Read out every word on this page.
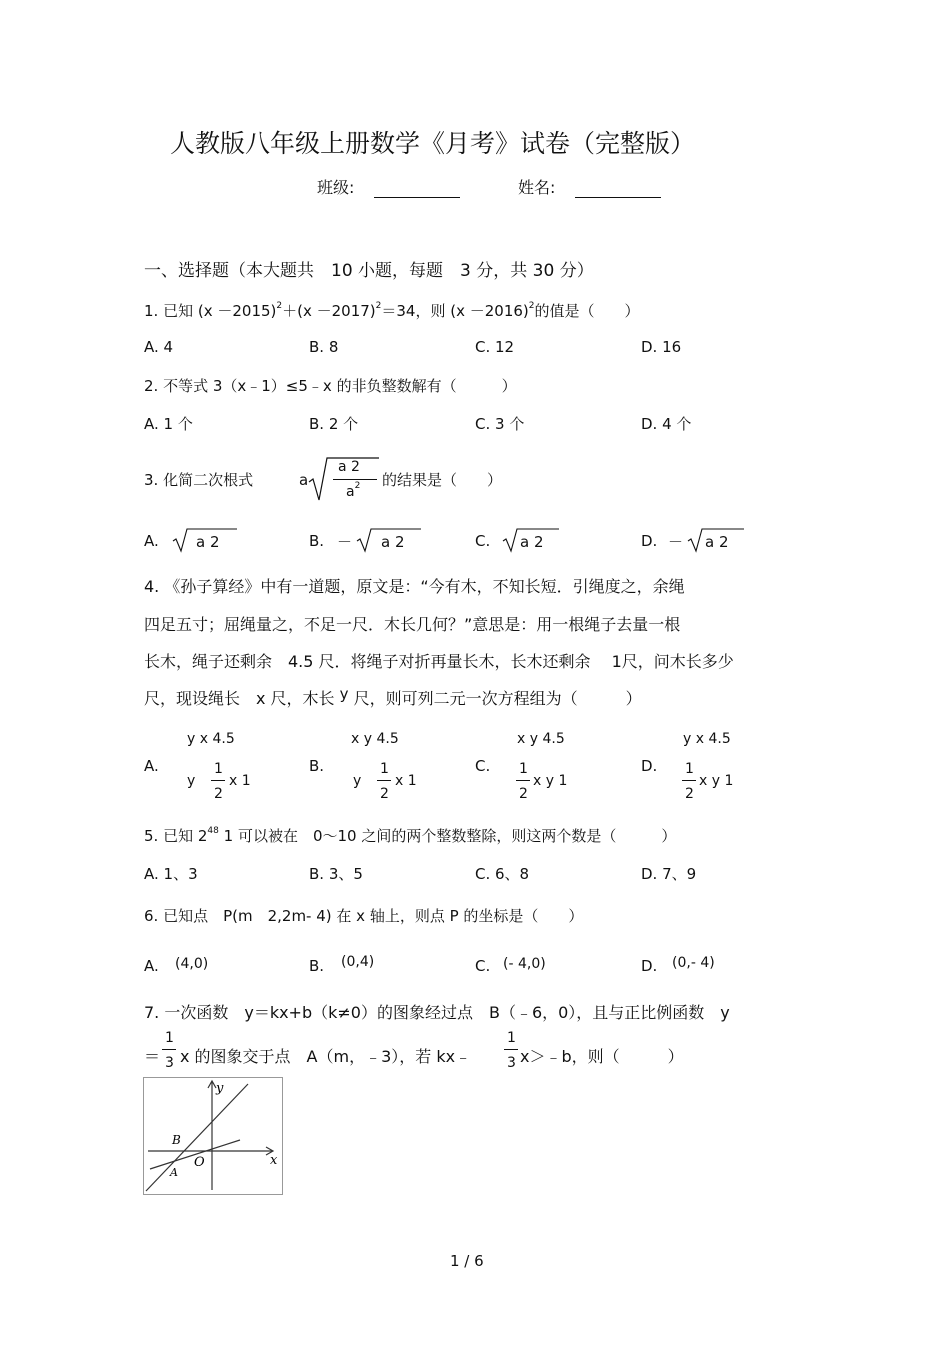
人教版八年级上册数学《月考》试卷（完整版）
班级:	姓名:
一、选择题（本大题共　10 小题，每题　3 分，共 30 分）
1. 已知 $(x -2015)^2+(x -2017)^2=34$，则 $(x -2016)^2$的值是（　　）
A. 4	B. 8	C. 12	D. 16
2. 不等式 3（x﹣1）≤5﹣x 的非负整数解有（　　　）
A. 1 个	B. 2 个	C. 3 个	D. 4 个
3. 化简二次根式	a
a 2
$a^2$ 的结果是（　　）
A. a 2	B. － a 2	C. a 2	D. － a 2
4. 《孙子算经》中有一道题，原文是：“今有木，不知长短．引绳度之，余绳
四足五寸；屈绳量之，不足一尺．木长几何？”意思是：用一根绳子去量一根
长木，绳子还剩余　4.5 尺．将绳子对折再量长木，长木还剩余　 1尺，问木长多少
尺，现设绳长　x 尺，木长 y 尺，则可列二元一次方程组为（　　　）
A.
y x 4.5
y
1
2
x 1
B.
x y 4.5
y
1
2
x 1
C.
x y 4.5
1
2
x y 1
D.
y x 4.5
1
2
x y 1
5. 已知 $2^{48}$ 1 可以被在　0～10 之间的两个整数整除，则这两个数是（　　　）
A. 1、3	B. 3、5	C. 6、8	D. 7、9
6. 已知点　P(m　2,2m- 4) 在 x 轴上，则点 P 的坐标是（　　）
A. (4,0)	B. (0,4)	C. (- 4,0)	D. (0,- 4)
7. 一次函数　y＝kx+b（k≠0）的图象经过点　B（﹣6，0），且与正比例函数　y
＝
1
3 x 的图象交于点　A（m，﹣3），若 kx﹣
1
3 x＞﹣b，则（　　　）
y
x
B
O
A
1 / 6
